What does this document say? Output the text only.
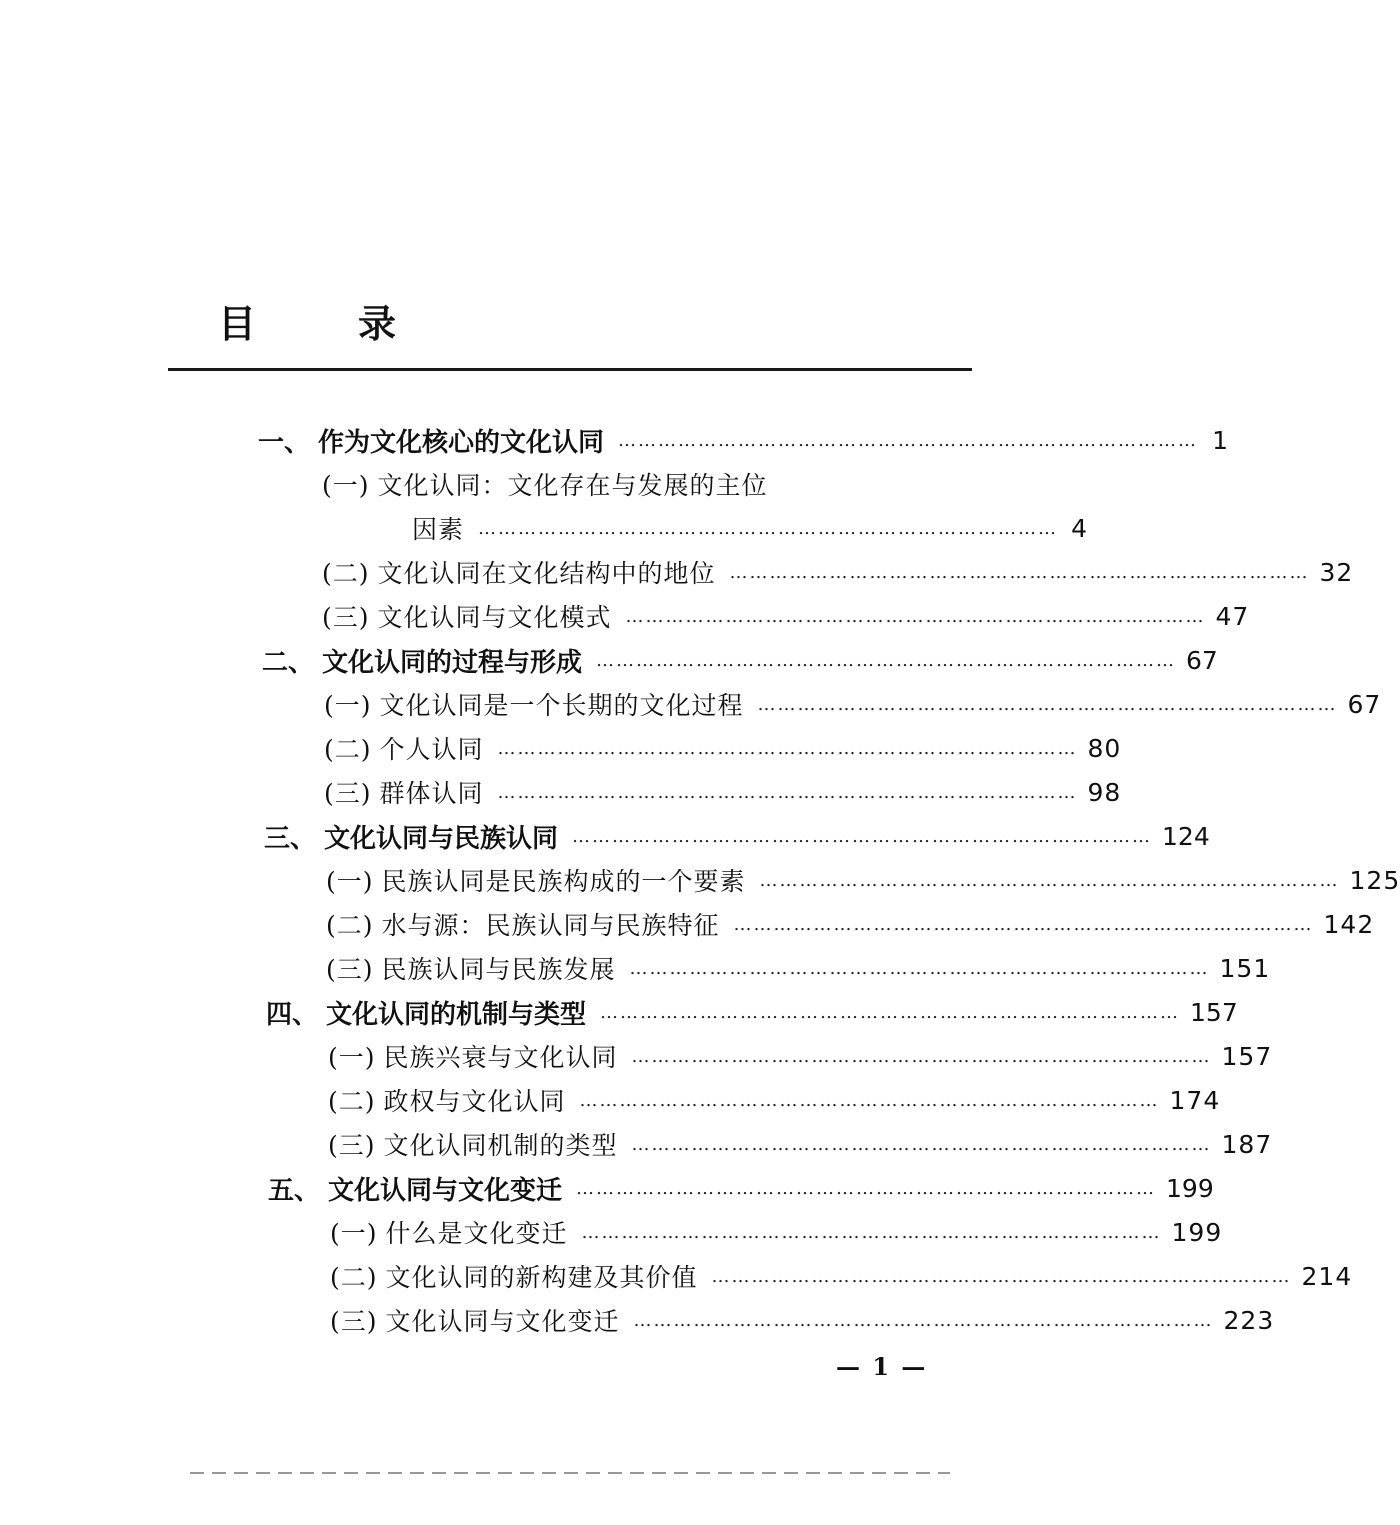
目	录
一、 作为文化核心的文化认同 …………………………………………………………………………… 1
(一) 文化认同：文化存在与发展的主位
因素 …………………………………………………………………………… 4
(二) 文化认同在文化结构中的地位 …………………………………………………………………………… 32
(三) 文化认同与文化模式 …………………………………………………………………………… 47
二、 文化认同的过程与形成 …………………………………………………………………………… 67
(一) 文化认同是一个长期的文化过程 …………………………………………………………………………… 67
(二) 个人认同 …………………………………………………………………………… 80
(三) 群体认同 …………………………………………………………………………… 98
三、 文化认同与民族认同 …………………………………………………………………………… 124
(一) 民族认同是民族构成的一个要素 …………………………………………………………………………… 125
(二) 水与源：民族认同与民族特征 …………………………………………………………………………… 142
(三) 民族认同与民族发展 …………………………………………………………………………… 151
四、 文化认同的机制与类型 …………………………………………………………………………… 157
(一) 民族兴衰与文化认同 …………………………………………………………………………… 157
(二) 政权与文化认同 …………………………………………………………………………… 174
(三) 文化认同机制的类型 …………………………………………………………………………… 187
五、 文化认同与文化变迁 …………………………………………………………………………… 199
(一) 什么是文化变迁 …………………………………………………………………………… 199
(二) 文化认同的新构建及其价值 …………………………………………………………………………… 214
(三) 文化认同与文化变迁 …………………………………………………………………………… 223
— 1 —
